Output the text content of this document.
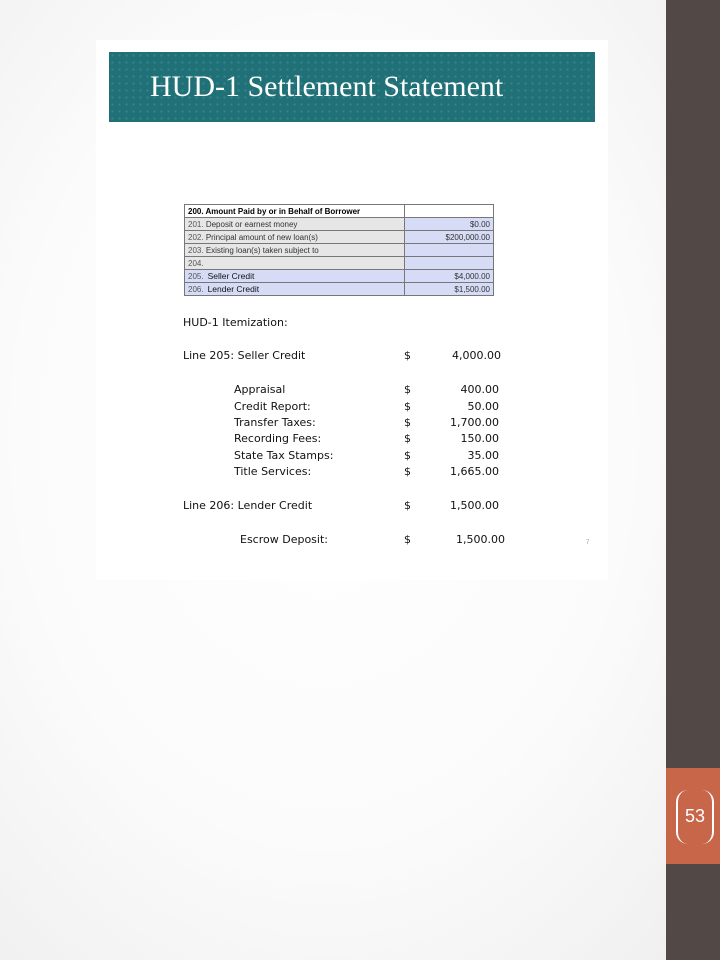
53
HUD-1 Settlement Statement
200. Amount Paid by or in Behalf of Borrower	
201. Deposit or earnest money	$0.00
202. Principal amount of new loan(s)	$200,000.00
203. Existing loan(s) taken subject to	
204.	
205. Seller Credit	$4,000.00
206. Lender Credit	$1,500.00
HUD-1 Itemization:
Line 205: Seller Credit	$	4,000.00
Appraisal	$	400.00
Credit Report:	$	50.00
Transfer Taxes:	$	1,700.00
Recording Fees:	$	150.00
State Tax Stamps:	$	35.00
Title Services:	$	1,665.00
Line 206: Lender Credit	$	1,500.00
Escrow Deposit:	$	1,500.00	7
